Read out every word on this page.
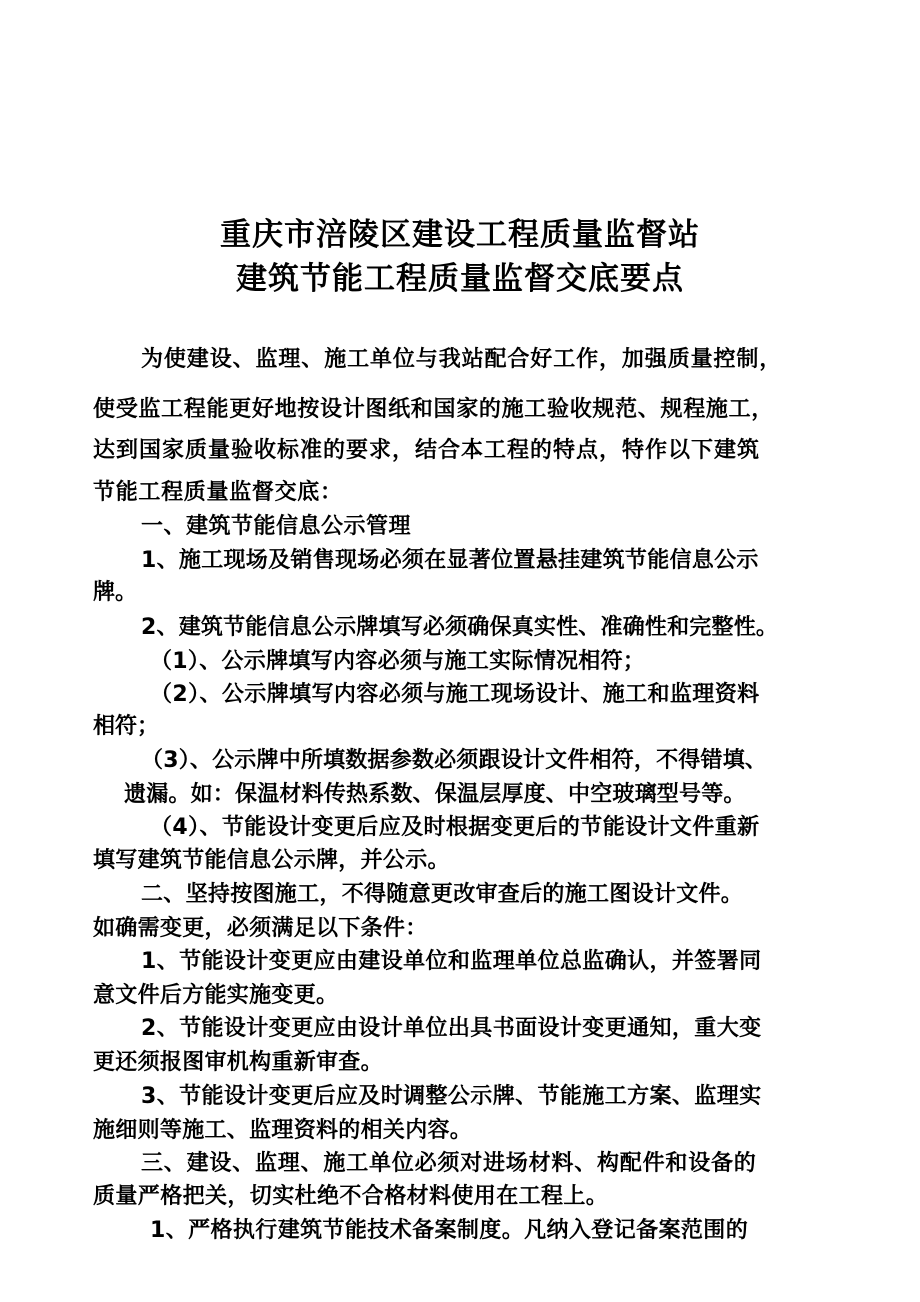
重庆市涪陵区建设工程质量监督站
建筑节能工程质量监督交底要点
为使建设、监理、施工单位与我站配合好工作，加强质量控制，
使受监工程能更好地按设计图纸和国家的施工验收规范、规程施工，
达到国家质量验收标准的要求，结合本工程的特点，特作以下建筑
节能工程质量监督交底：
一、建筑节能信息公示管理
1、施工现场及销售现场必须在显著位置悬挂建筑节能信息公示
牌。
2、建筑节能信息公示牌填写必须确保真实性、准确性和完整性。
（1）、公示牌填写内容必须与施工实际情况相符；
（2）、公示牌填写内容必须与施工现场设计、施工和监理资料
相符；
（3）、公示牌中所填数据参数必须跟设计文件相符，不得错填、
遗漏。如：保温材料传热系数、保温层厚度、中空玻璃型号等。
（4）、节能设计变更后应及时根据变更后的节能设计文件重新
填写建筑节能信息公示牌，并公示。
二、坚持按图施工，不得随意更改审查后的施工图设计文件。
如确需变更，必须满足以下条件：
1、节能设计变更应由建设单位和监理单位总监确认，并签署同
意文件后方能实施变更。
2、节能设计变更应由设计单位出具书面设计变更通知，重大变
更还须报图审机构重新审查。
3、节能设计变更后应及时调整公示牌、节能施工方案、监理实
施细则等施工、监理资料的相关内容。
三、建设、监理、施工单位必须对进场材料、构配件和设备的
质量严格把关，切实杜绝不合格材料使用在工程上。
1、严格执行建筑节能技术备案制度。凡纳入登记备案范围的
